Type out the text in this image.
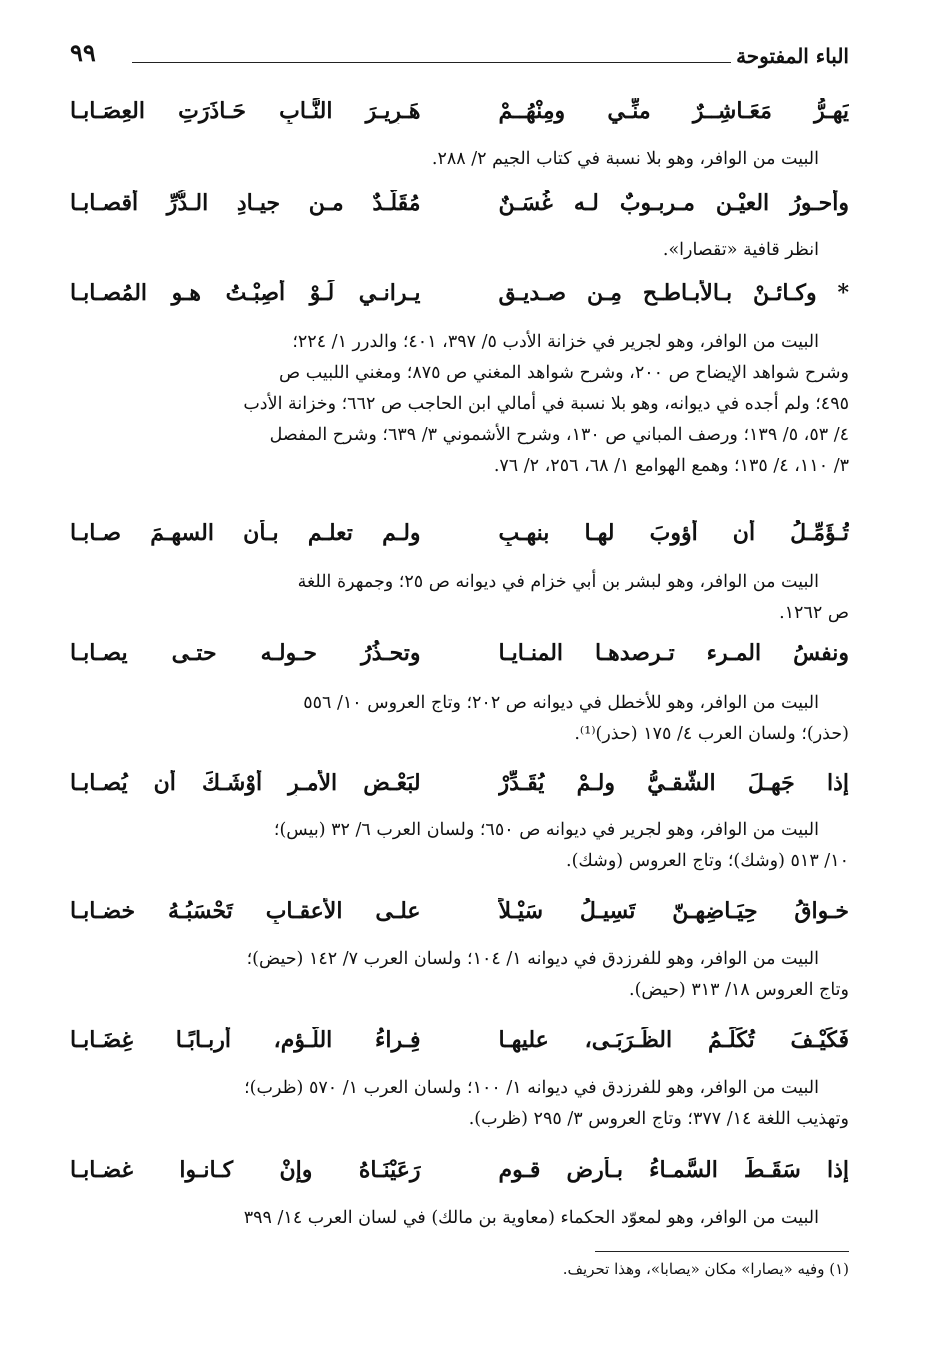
الباء المفتوحة
٩٩
يَهِـرُّ مَعَـاشِــرٌ منِّـي ومِنْهُــمْ
هَـرِيـرَ النَّـابِ حَـاذَرَتِ العِصَـابـا
البيت من الوافر، وهو بلا نسبة في كتاب الجيم ٢/ ٢٨٨.
وأحـورُ العيْـنِ مـربـوبٌ لـه غُسَـنٌ
مُقَلَّـدٌ مـن جيـادِ الـدُّرِّ أقصـابـا
انظر قافية «تقصارا».
* وكـائـنْ بـالأبـاطـح مِـن صـديـقٍ
يـرانـي لَـوْ أُصِبْـتُ هـو المُصـابـا
البيت من الوافر، وهو لجرير في خزانة الأدب ٥/ ٣٩٧، ٤٠١؛ والدرر ١/ ٢٢٤؛
وشرح شواهد الإيضاح ص ٢٠٠، وشرح شواهد المغني ص ٨٧٥؛ ومغني اللبيب ص
٤٩٥؛ ولم أجده في ديوانه، وهو بلا نسبة في أمالي ابن الحاجب ص ٦٦٢؛ وخزانة الأدب
٤/ ٥٣، ٥/ ١٣٩؛ ورصف المباني ص ١٣٠، وشرح الأشموني ٣/ ٦٣٩؛ وشرح المفصل
٣/ ١١٠، ٤/ ١٣٥؛ وهمع الهوامع ١/ ٦٨، ٢٥٦، ٢/ ٧٦.
تُـؤَمِّـلُ أن أؤوبَ لهـا بنهـبٍ
ولـم تعلـم بـأن السهـمَ صـابـا
البيت من الوافر، وهو لبشر بن أبي خزام في ديوانه ص ٢٥؛ وجمهرة اللغة
ص ١٢٦٢.
ونفسُ المـرء تـرصدهـا المنـايـا
وتحـذُرُ حـولـه حتـى يصـابـا
البيت من الوافر، وهو للأخطل في ديوانه ص ٢٠٢؛ وتاج العروس ١٠/ ٥٥٦
(حذر)؛ ولسان العرب ٤/ ١٧٥ (حذر)⁽¹⁾.
إذا جَهِـلَ الشَّقـيُّ ولـمْ يُقَـدِّرْ
لبَعْـضِ الأمـرِ أوْشَـكَ أن يُصـابـا
البيت من الوافر، وهو لجرير في ديوانه ص ٦٥٠؛ ولسان العرب ٦/ ٣٢ (بيس)؛
١٠/ ٥١٣ (وشك)؛ وتاج العروس (وشك).
خـواقُ حِيَـاضِهـنّ تَسِيـلُ سَيْـلاً
علـى الأعقـابِ تَحْسَبُـهُ خضـابـا
البيت من الوافر، وهو للفرزدق في ديوانه ١/ ١٠٤؛ ولسان العرب ٧/ ١٤٢ (حيض)؛
وتاج العروس ١٨/ ٣١٣ (حيض).
فَكَيْـفَ تُكَلِّـمُ الظِّـرَبَـى، عليهـا
فِـراءُ اللُّـؤمِ، أربـابًـا غِضَـابـا
البيت من الوافر، وهو للفرزدق في ديوانه ١/ ١٠٠؛ ولسان العرب ١/ ٥٧٠ (ظرب)؛
وتهذيب اللغة ١٤/ ٣٧٧؛ وتاج العروس ٣/ ٢٩٥ (ظرب).
إذا سَقَـطَ السَّمـاءُ بـأرضِ قـومٍ
رَعَيْنَـاهُ وإنْ كـانـوا غضـابـا
البيت من الوافر، وهو لمعوّد الحكماء (معاوية بن مالك) في لسان العرب ١٤/ ٣٩٩
(١) وفيه «يصارا» مكان «يصابا»، وهذا تحريف.
